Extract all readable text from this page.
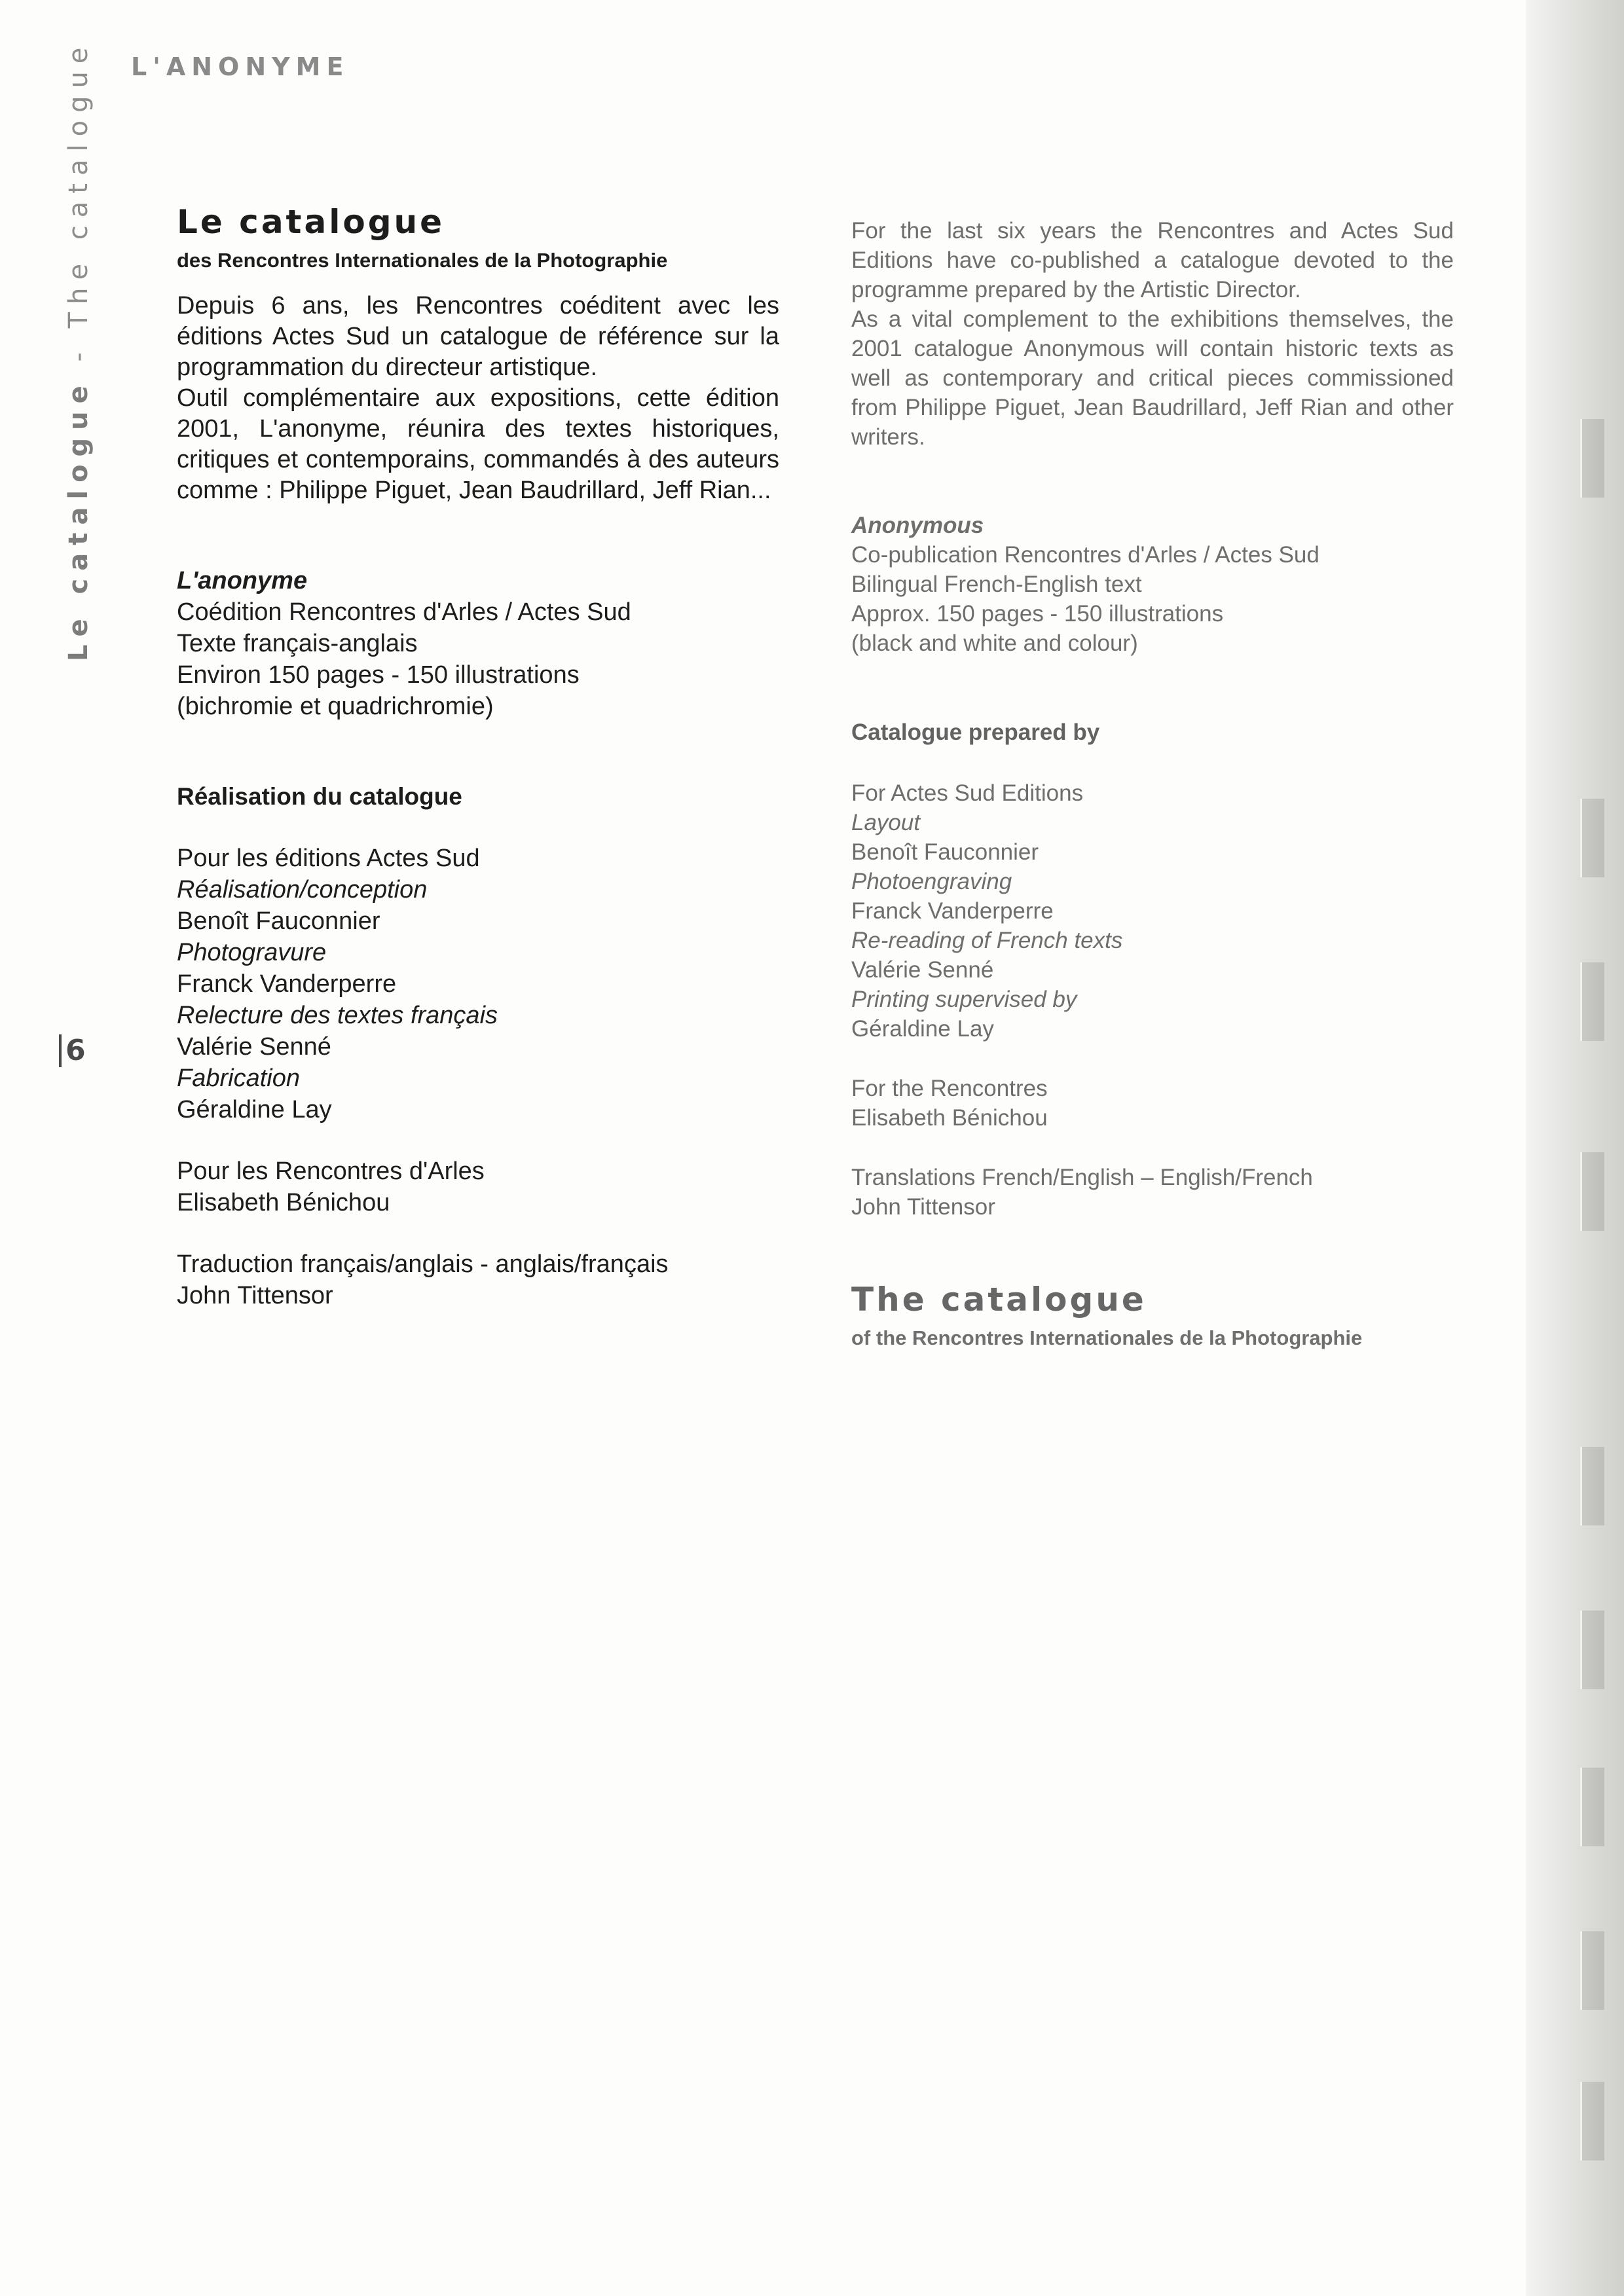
L'ANONYME
Le catalogue - The catalogue
6
Le catalogue
des Rencontres Internationales de la Photographie

Depuis 6 ans, les Rencontres coéditent avec les éditions Actes Sud un catalogue de référence sur la programmation du directeur artistique.
Outil complémentaire aux expositions, cette édition 2001, L'anonyme, réunira des textes historiques, critiques et contemporains, commandés à des auteurs comme : Philippe Piguet, Jean Baudrillard, Jeff Rian...

L'anonyme
Coédition Rencontres d'Arles / Actes Sud
Texte français-anglais
Environ 150 pages - 150 illustrations
(bichromie et quadrichromie)
Réalisation du catalogue
Pour les éditions Actes Sud
Réalisation/conception
Benoît Fauconnier
Photogravure
Franck Vanderperre
Relecture des textes français
Valérie Senné
Fabrication
Géraldine Lay
Pour les Rencontres d'Arles
Elisabeth Bénichou
Traduction français/anglais - anglais/français
John Tittensor

For the last six years the Rencontres and Actes Sud Editions have co-published a catalogue devoted to the programme prepared by the Artistic Director.
As a vital complement to the exhibitions themselves, the 2001 catalogue Anonymous will contain historic texts as well as contemporary and critical pieces commissioned from Philippe Piguet, Jean Baudrillard, Jeff Rian and other writers.

Anonymous
Co-publication Rencontres d'Arles / Actes Sud
Bilingual French-English text
Approx. 150 pages - 150 illustrations
(black and white and colour)
Catalogue prepared by
For Actes Sud Editions
Layout
Benoît Fauconnier
Photoengraving
Franck Vanderperre
Re-reading of French texts
Valérie Senné
Printing supervised by
Géraldine Lay
For the Rencontres
Elisabeth Bénichou
Translations French/English – English/French
John Tittensor
The catalogue
of the Rencontres Internationales de la Photographie
